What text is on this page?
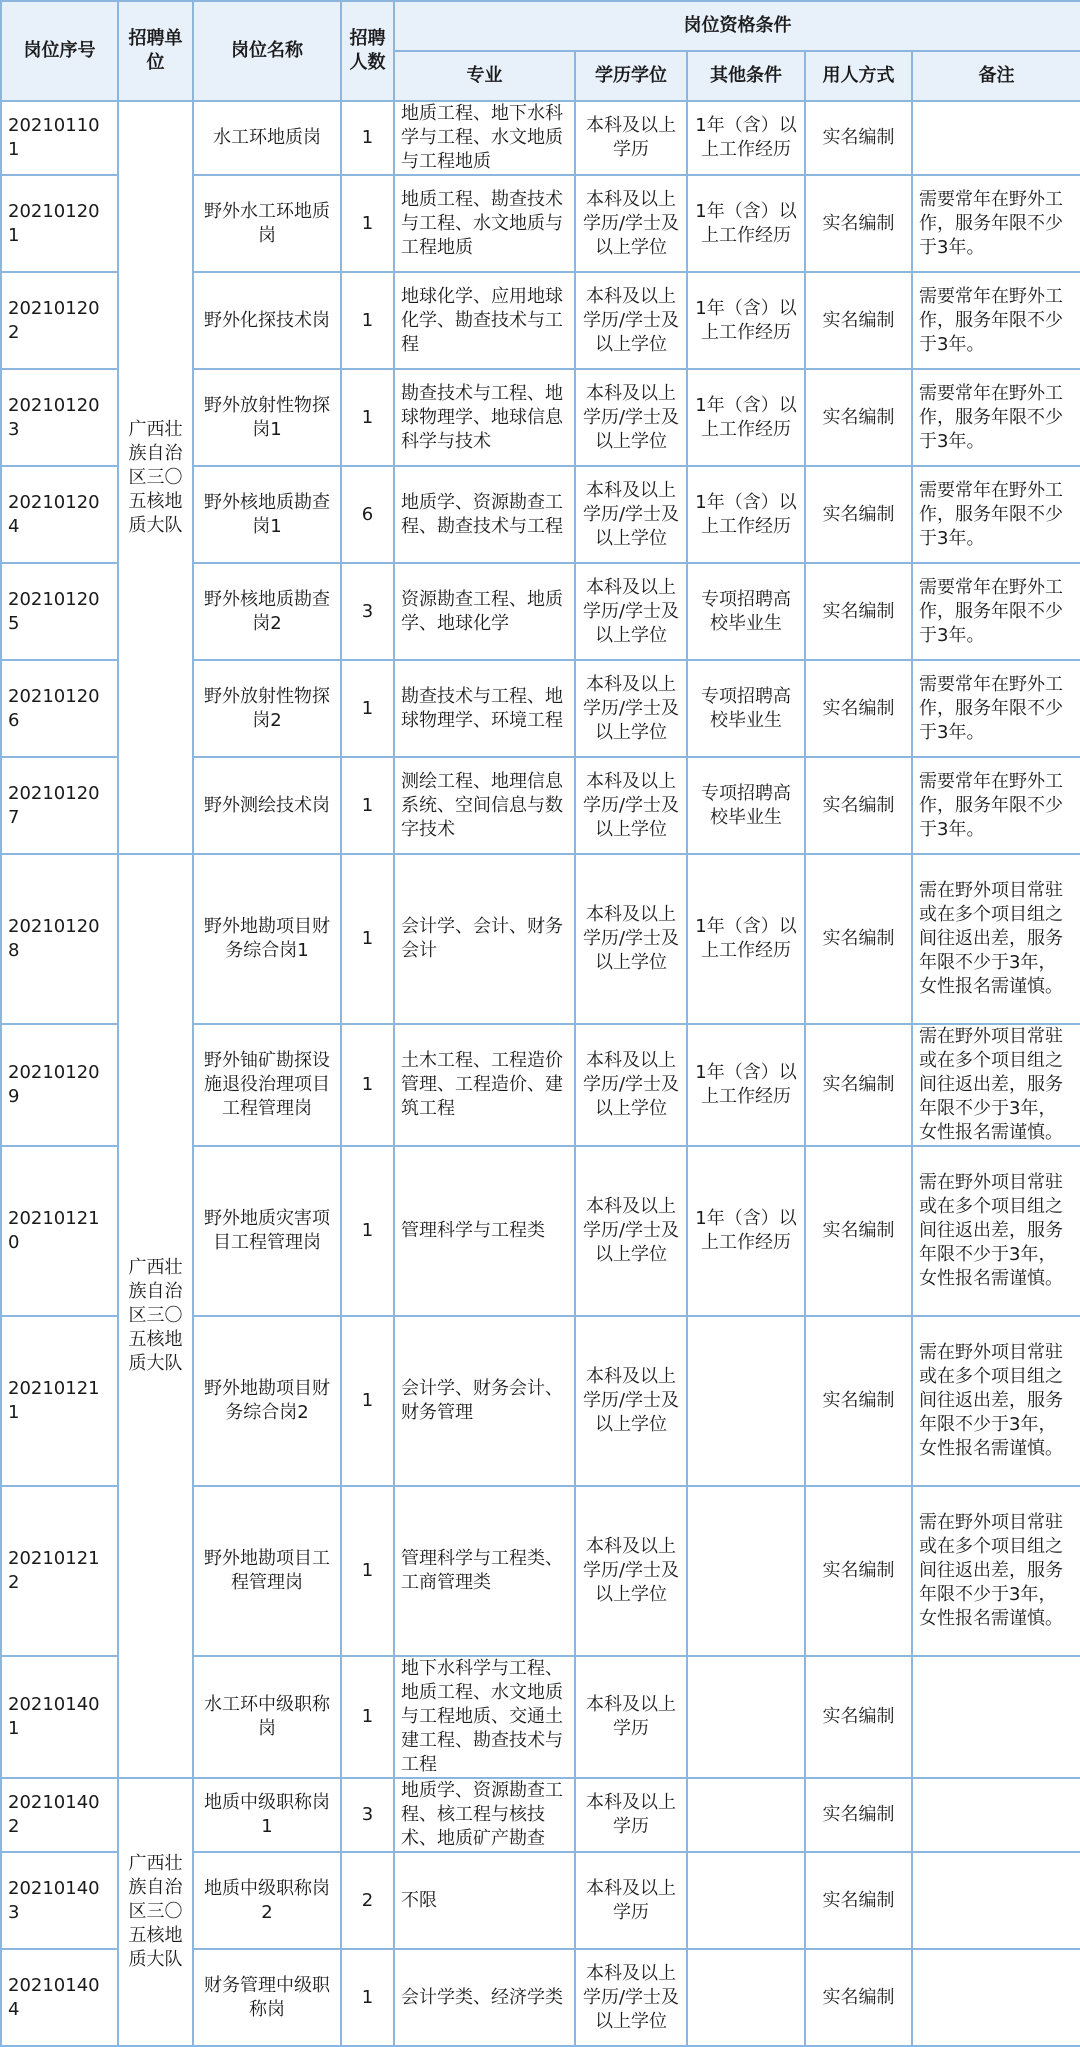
岗位序号	招聘单位	岗位名称	招聘人数	岗位资格条件				
				专业	学历学位	其他条件	用人方式	备注
202101101	广西壮族自治区三〇五核地质大队	水工环地质岗	1	地质工程、地下水科学与工程、水文地质与工程地质	本科及以上学历	1年（含）以上工作经历	实名编制	
202101201		野外水工环地质岗	1	地质工程、勘查技术与工程、水文地质与工程地质	本科及以上学历/学士及以上学位	1年（含）以上工作经历	实名编制	需要常年在野外工作，服务年限不少于3年。
202101202		野外化探技术岗	1	地球化学、应用地球化学、勘查技术与工程	本科及以上学历/学士及以上学位	1年（含）以上工作经历	实名编制	需要常年在野外工作，服务年限不少于3年。
202101203		野外放射性物探岗1	1	勘查技术与工程、地球物理学、地球信息科学与技术	本科及以上学历/学士及以上学位	1年（含）以上工作经历	实名编制	需要常年在野外工作，服务年限不少于3年。
202101204		野外核地质勘查岗1	6	地质学、资源勘查工程、勘查技术与工程	本科及以上学历/学士及以上学位	1年（含）以上工作经历	实名编制	需要常年在野外工作，服务年限不少于3年。
202101205		野外核地质勘查岗2	3	资源勘查工程、地质学、地球化学	本科及以上学历/学士及以上学位	专项招聘高校毕业生	实名编制	需要常年在野外工作，服务年限不少于3年。
202101206		野外放射性物探岗2	1	勘查技术与工程、地球物理学、环境工程	本科及以上学历/学士及以上学位	专项招聘高校毕业生	实名编制	需要常年在野外工作，服务年限不少于3年。
202101207		野外测绘技术岗	1	测绘工程、地理信息系统、空间信息与数字技术	本科及以上学历/学士及以上学位	专项招聘高校毕业生	实名编制	需要常年在野外工作，服务年限不少于3年。
202101208	广西壮族自治区三〇五核地质大队	野外地勘项目财务综合岗1	1	会计学、会计、财务会计	本科及以上学历/学士及以上学位	1年（含）以上工作经历	实名编制	需在野外项目常驻或在多个项目组之间往返出差，服务年限不少于3年，女性报名需谨慎。
202101209		野外铀矿勘探设施退役治理项目工程管理岗	1	土木工程、工程造价管理、工程造价、建筑工程	本科及以上学历/学士及以上学位	1年（含）以上工作经历	实名编制	需在野外项目常驻或在多个项目组之间往返出差，服务年限不少于3年，女性报名需谨慎。
202101210		野外地质灾害项目工程管理岗	1	管理科学与工程类	本科及以上学历/学士及以上学位	1年（含）以上工作经历	实名编制	需在野外项目常驻或在多个项目组之间往返出差，服务年限不少于3年，女性报名需谨慎。
202101211		野外地勘项目财务综合岗2	1	会计学、财务会计、财务管理	本科及以上学历/学士及以上学位		实名编制	需在野外项目常驻或在多个项目组之间往返出差，服务年限不少于3年，女性报名需谨慎。
202101212		野外地勘项目工程管理岗	1	管理科学与工程类、工商管理类	本科及以上学历/学士及以上学位		实名编制	需在野外项目常驻或在多个项目组之间往返出差，服务年限不少于3年，女性报名需谨慎。
202101401		水工环中级职称岗	1	地下水科学与工程、地质工程、水文地质与工程地质、交通土建工程、勘查技术与工程	本科及以上学历		实名编制	
202101402	广西壮族自治区三〇五核地质大队	地质中级职称岗1	3	地质学、资源勘查工程、核工程与核技术、地质矿产勘查	本科及以上学历		实名编制	
202101403		地质中级职称岗2	2	不限	本科及以上学历		实名编制	
202101404		财务管理中级职称岗	1	会计学类、经济学类	本科及以上学历/学士及以上学位		实名编制	
